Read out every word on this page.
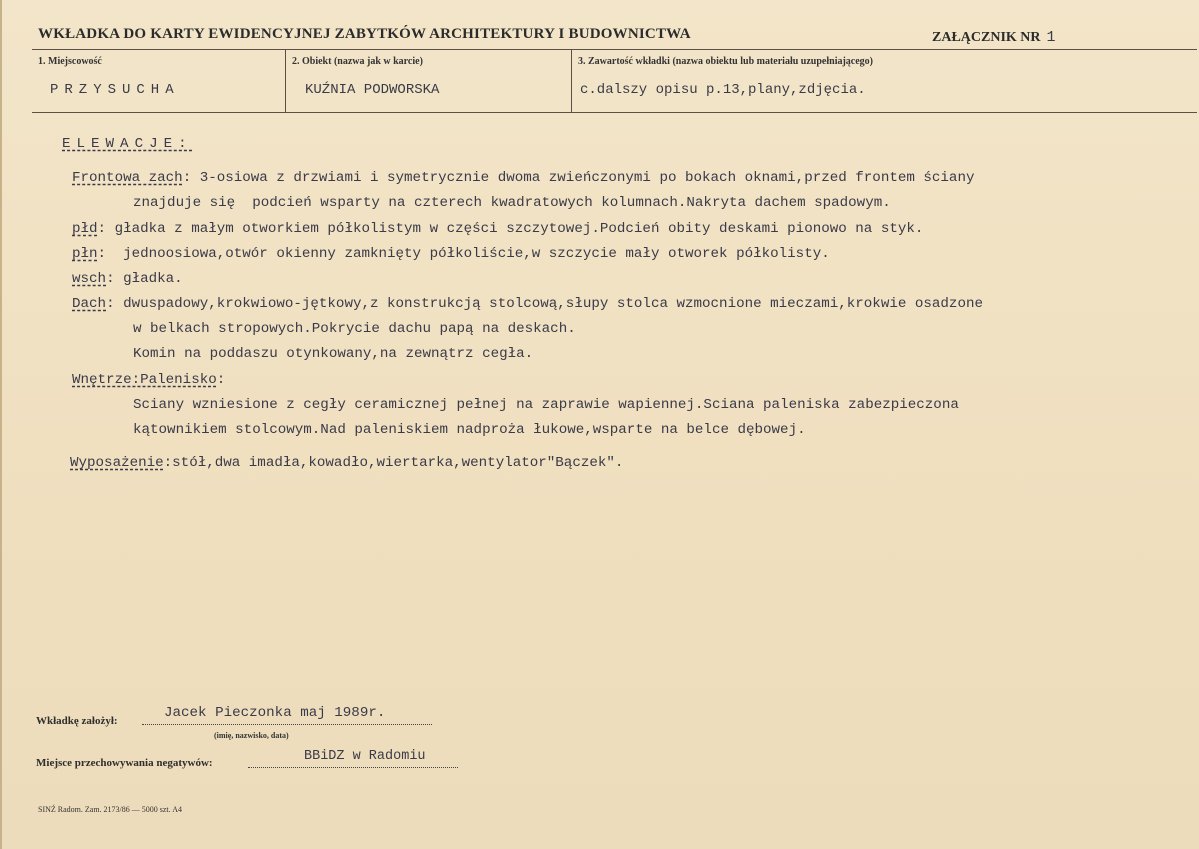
WKŁADKA DO KARTY EWIDENCYJNEJ ZABYTKÓW ARCHITEKTURY I BUDOWNICTWA	ZAŁĄCZNIK NR 1
1. Miejscowość	2. Obiekt (nazwa jak w karcie)	3. Zawartość wkładki (nazwa obiektu lub materiału uzupełniającego)
PRZYSUCHA	KUŹNIA PODWORSKA	c.dalszy opisu p.13,plany,zdjęcia.
ELEWACJE:
Frontowa zach: 3-osiowa z drzwiami i symetrycznie dwoma zwieńczonymi po bokach oknami,przed frontem ściany
znajduje się  podcień wsparty na czterech kwadratowych kolumnach.Nakryta dachem spadowym.
płd: gładka z małym otworkiem półkolistym w części szczytowej.Podcień obity deskami pionowo na styk.
płn:  jednoosiowa,otwór okienny zamknięty półkoliście,w szczycie mały otworek półkolisty.
wsch: gładka.
Dach: dwuspadowy,krokwiowo-jętkowy,z konstrukcją stolcową,słupy stolca wzmocnione mieczami,krokwie osadzone
w belkach stropowych.Pokrycie dachu papą na deskach.
Komin na poddaszu otynkowany,na zewnątrz cegła.
Wnętrze:Palenisko:
Sciany wzniesione z cegły ceramicznej pełnej na zaprawie wapiennej.Sciana paleniska zabezpieczona
kątownikiem stolcowym.Nad paleniskiem nadproża łukowe,wsparte na belce dębowej.
Wyposażenie:stół,dwa imadła,kowadło,wiertarka,wentylator"Bączek".
Wkładkę założył:	Jacek Pieczonka maj 1989r.
(imię, nazwisko, data)
Miejsce przechowywania negatywów:	BBiDZ w Radomiu
SINŹ Radom. Zam. 2173/86 — 5000 szt. A4
